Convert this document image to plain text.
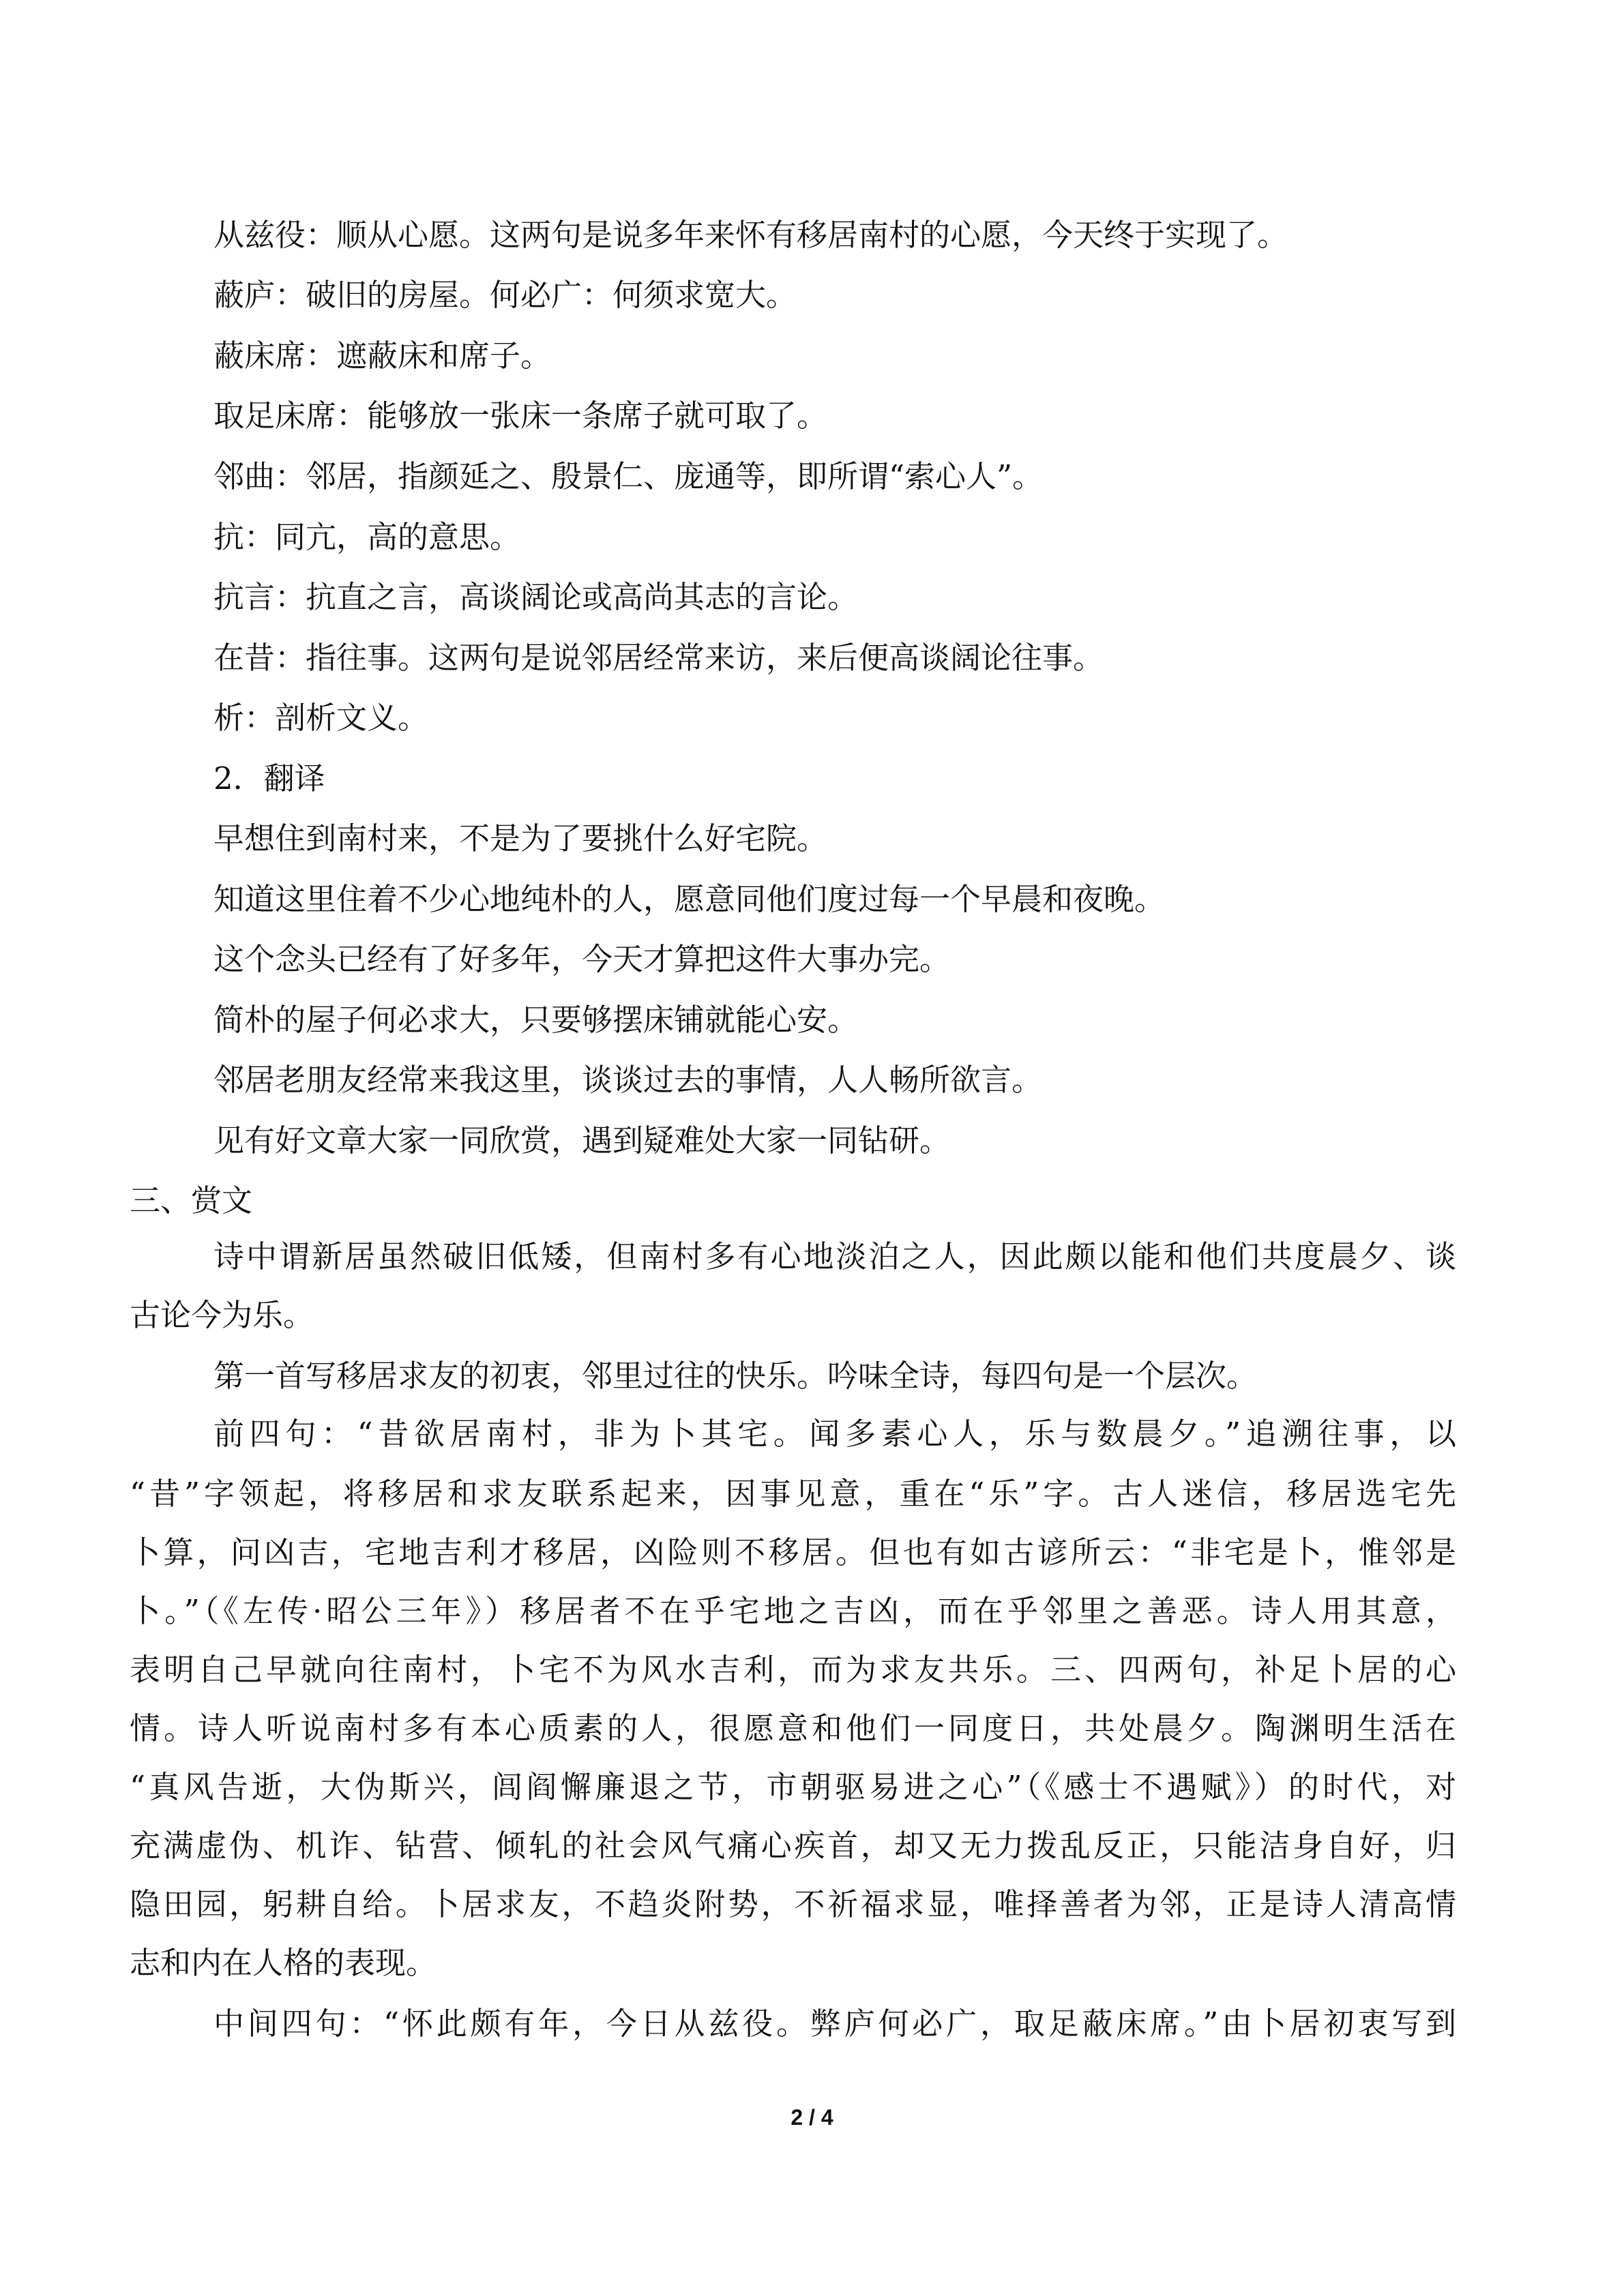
从兹役：顺从心愿。这两句是说多年来怀有移居南村的心愿，今天终于实现了。

蔽庐：破旧的房屋。何必广：何须求宽大。

蔽床席：遮蔽床和席子。

取足床席：能够放一张床一条席子就可取了。

邻曲：邻居，指颜延之、殷景仁、庞通等，即所谓“索心人”。

抗：同亢，高的意思。

抗言：抗直之言，高谈阔论或高尚其志的言论。

在昔：指往事。这两句是说邻居经常来访，来后便高谈阔论往事。

析：剖析文义。

2．翻译

早想住到南村来，不是为了要挑什么好宅院。

知道这里住着不少心地纯朴的人，愿意同他们度过每一个早晨和夜晚。

这个念头已经有了好多年，今天才算把这件大事办完。

简朴的屋子何必求大，只要够摆床铺就能心安。

邻居老朋友经常来我这里，谈谈过去的事情，人人畅所欲言。

见有好文章大家一同欣赏，遇到疑难处大家一同钻研。

三、赏文

诗中谓新居虽然破旧低矮，但南村多有心地淡泊之人，因此颇以能和他们共度晨夕、谈

古论今为乐。

第一首写移居求友的初衷，邻里过往的快乐。吟味全诗，每四句是一个层次。

前四句：“昔欲居南村，非为卜其宅。闻多素心人，乐与数晨夕。”追溯往事，以

“昔”字领起，将移居和求友联系起来，因事见意，重在“乐”字。古人迷信，移居选宅先

卜算，问凶吉，宅地吉利才移居，凶险则不移居。但也有如古谚所云：“非宅是卜，惟邻是

卜。”（《左传·昭公三年》）移居者不在乎宅地之吉凶，而在乎邻里之善恶。诗人用其意，

表明自己早就向往南村，卜宅不为风水吉利，而为求友共乐。三、四两句，补足卜居的心

情。诗人听说南村多有本心质素的人，很愿意和他们一同度日，共处晨夕。陶渊明生活在

“真风告逝，大伪斯兴，闾阎懈廉退之节，市朝驱易进之心”（《感士不遇赋》）的时代，对

充满虚伪、机诈、钻营、倾轧的社会风气痛心疾首，却又无力拨乱反正，只能洁身自好，归

隐田园，躬耕自给。卜居求友，不趋炎附势，不祈福求显，唯择善者为邻，正是诗人清高情

志和内在人格的表现。

中间四句：“怀此颇有年，今日从兹役。弊庐何必广，取足蔽床席。”由卜居初衷写到

2 / 4
